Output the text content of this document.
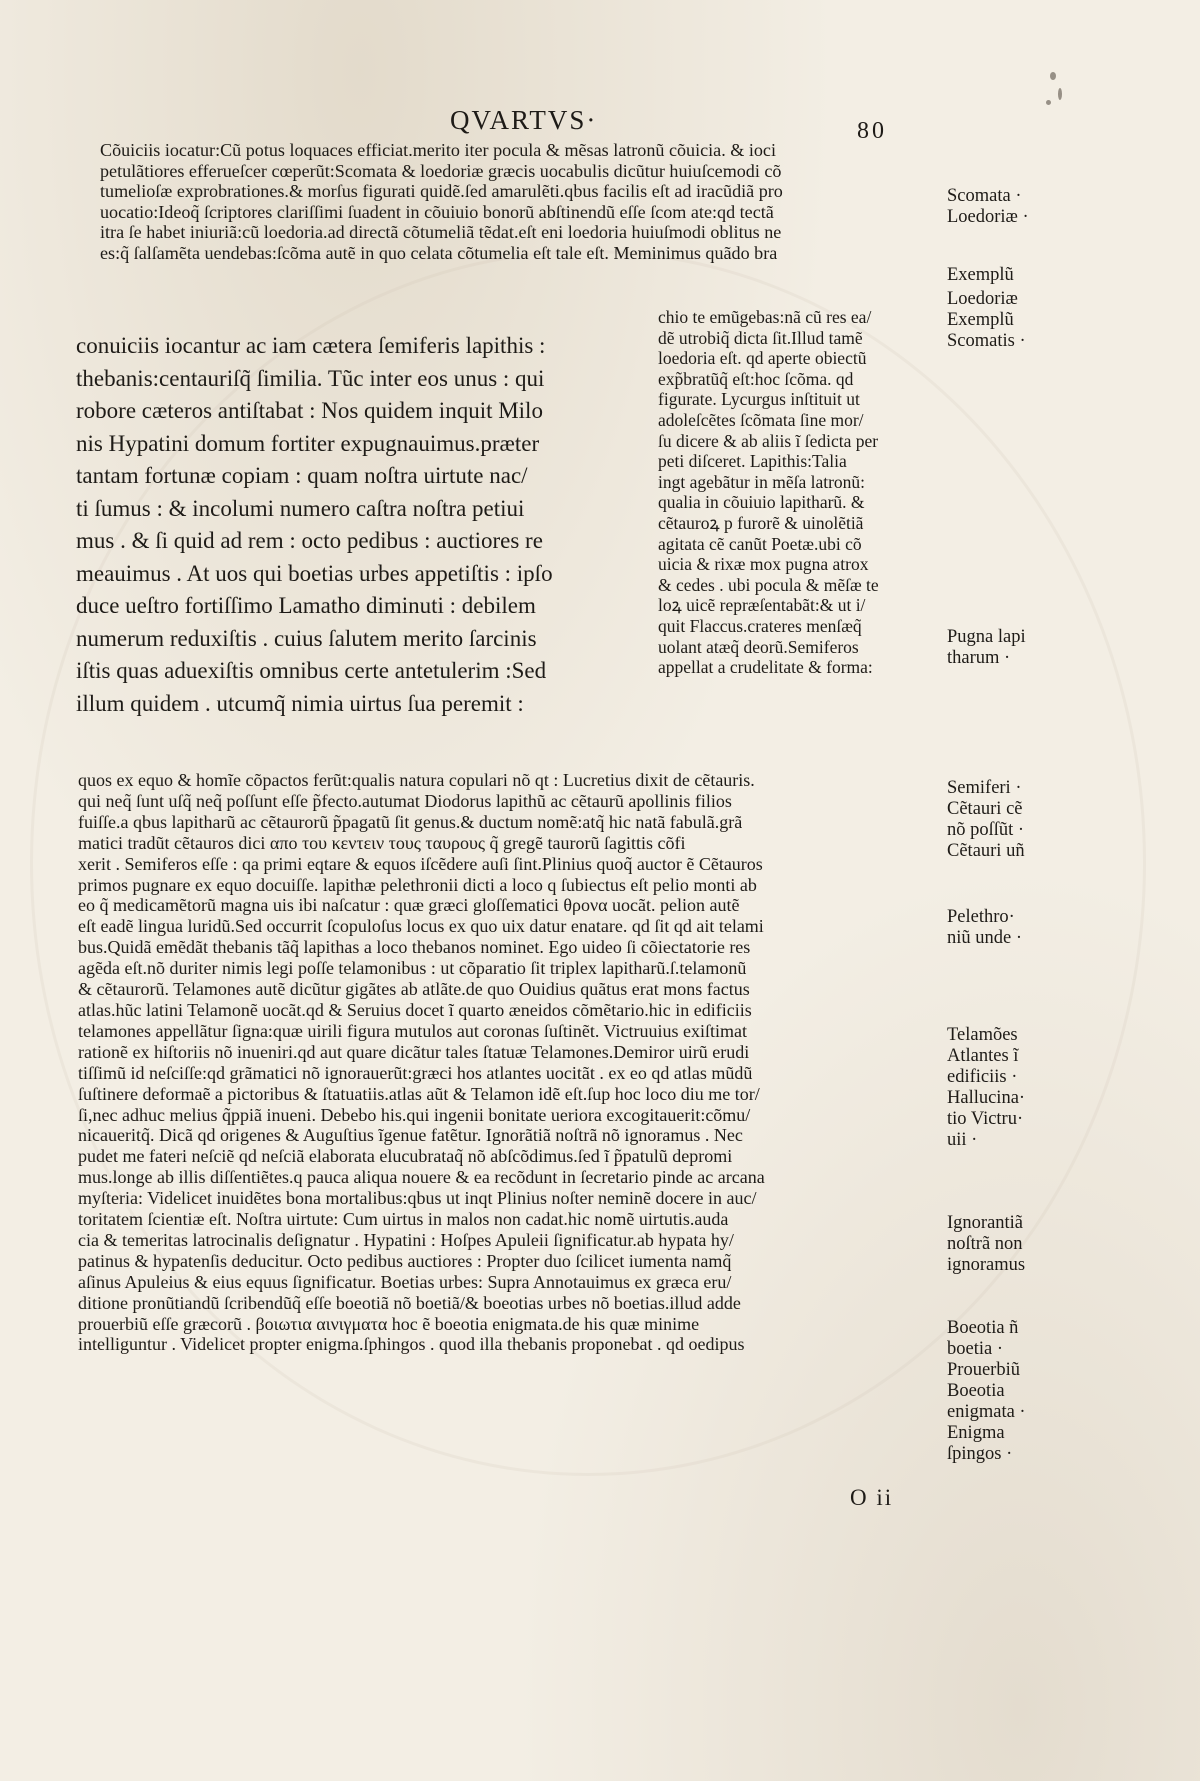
QVARTVS·	80
Cõuiciis iocatur:Cũ potus loquaces efficiat.merito iter pocula & mẽsas latronũ cõuicia. & ioci
petulãtiores efferueſcer cœperũt:Scomata & loedoriæ græcis uocabulis dicũtur huiuſcemodi cõ
tumelioſæ exprobrationes.& morſus figurati quidẽ.ſed amarulẽti.qbus facilis eſt ad iracũdiã pro
uocatio:Ideoq̃ ſcriptores clariſſimi ſuadent in cõuiuio bonorũ abſtinendũ eſſe ſcom ate:qd tectã
itra ſe habet iniuriã:cũ loedoria.ad directã cõtumeliã tẽdat.eſt eni loedoria huiuſmodi oblitus ne
es:q̃ ſalſamẽta uendebas:ſcõma autẽ in quo celata cõtumelia eſt tale eſt. Meminimus quãdo bra
conuiciis iocantur ac iam cætera ſemiferis lapithis :
thebanis:centauriſq̃ ſimilia. Tũc inter eos unus : qui
robore cæteros antiſtabat : Nos quidem inquit Milo
nis Hypatini domum fortiter expugnauimus.præter
tantam fortunæ copiam : quam noſtra uirtute nac/
ti ſumus : & incolumi numero caſtra noſtra petiui
mus . & ſi quid ad rem : octo pedibus : auctiores re
meauimus . At uos qui boetias urbes appetiſtis : ipſo
duce ueſtro fortiſſimo Lamatho diminuti : debilem
numerum reduxiſtis . cuius ſalutem merito ſarcinis
iſtis quas aduexiſtis omnibus certe antetulerim :Sed
illum quidem . utcumq̃ nimia uirtus ſua peremit :
chio te emũgebas:nã cũ res ea/
dẽ utrobiq̃ dicta ſit.Illud tamẽ
loedoria eſt. qd aperte obiectũ
exp̃bratũq̃ eſt:hoc ſcõma. qd
figurate. Lycurgus inſtituit ut
adoleſcẽtes ſcõmata ſine mor/
ſu dicere & ab aliis ĩ ſedicta per
peti diſceret. Lapithis:Talia
ingt agebãtur in mẽſa latronũ:
qualia in cõuiuio lapitharũ. &
cẽtauroꝝ p furorẽ & uinolẽtiã
agitata cẽ canũt Poetæ.ubi cõ
uicia & rixæ mox pugna atrox
& cedes . ubi pocula & mẽſæ te
loꝝ uicẽ repræſentabãt:& ut i/
quit Flaccus.crateres menſæq̃
uolant atæq̃ deorũ.Semiferos
appellat a crudelitate & forma:
quos ex equo & homĩe cõpactos ferũt:qualis natura copulari nõ qt : Lucretius dixit de cẽtauris.
qui neq̃ ſunt uſq̃ neq̃ poſſunt eſſe p̃fecto.autumat Diodorus lapithũ ac cẽtaurũ apollinis filios
fuiſſe.a qbus lapitharũ ac cẽtaurorũ p̃pagatũ ſit genus.& ductum nomẽ:atq̃ hic natã fabulã.grã
matici tradũt cẽtauros dici απο του κεντειν τους ταυρους q̃ gregẽ taurorũ ſagittis cõfi
xerit . Semiferos eſſe : qa primi eqtare & equos iſcẽdere auſi ſint.Plinius quoq̃ auctor ẽ Cẽtauros
primos pugnare ex equo docuiſſe. lapithæ pelethronii dicti a loco q ſubiectus eſt pelio monti ab
eo q̃ medicamẽtorũ magna uis ibi naſcatur : quæ græci gloſſematici θρονα uocãt. pelion autẽ
eſt eadẽ lingua luridũ.Sed occurrit ſcopuloſus locus ex quo uix datur enatare. qd ſit qd ait telami
bus.Quidã emẽdãt thebanis tãq̃ lapithas a loco thebanos nominet. Ego uideo ſi cõiectatorie res
agẽda eſt.nõ duriter nimis legi poſſe telamonibus : ut cõparatio ſit triplex lapitharũ.ſ.telamonũ
& cẽtaurorũ. Telamones autẽ dicũtur gigãtes ab atlãte.de quo Ouidius quãtus erat mons factus
atlas.hũc latini Telamonẽ uocãt.qd & Seruius docet ĩ quarto æneidos cõmẽtario.hic in edificiis
telamones appellãtur ſigna:quæ uirili figura mutulos aut coronas ſuſtinẽt. Victruuius exiſtimat
rationẽ ex hiſtoriis nõ inueniri.qd aut quare dicãtur tales ſtatuæ Telamones.Demiror uirũ erudi
tiſſimũ id neſciſſe:qd grãmatici nõ ignorauerũt:græci hos atlantes uocitãt . ex eo qd atlas mũdũ
ſuſtinere deformaẽ a pictoribus & ſtatuatiis.atlas aũt & Telamon idẽ eſt.ſup hoc loco diu me tor/
ſi,nec adhuc melius q̃ppiã inueni. Debebo his.qui ingenii bonitate ueriora excogitauerit:cõmu/
nicaueritq̃. Dicã qd origenes & Auguſtius ĩgenue fatẽtur. Ignorãtiã noſtrã nõ ignoramus . Nec
pudet me fateri neſciẽ qd neſciã elaborata elucubrataq̃ nõ abſcõdimus.ſed ĩ p̃patulũ depromi
mus.longe ab illis diſſentiẽtes.q pauca aliqua nouere & ea recõdunt in ſecretario pinde ac arcana
myſteria: Videlicet inuidẽtes bona mortalibus:qbus ut inqt Plinius noſter neminẽ docere in auc/
toritatem ſcientiæ eſt. Noſtra uirtute: Cum uirtus in malos non cadat.hic nomẽ uirtutis.auda
cia & temeritas latrocinalis deſignatur . Hypatini : Hoſpes Apuleii ſignificatur.ab hypata hy/
patinus & hypatenſis deducitur. Octo pedibus auctiores : Propter duo ſcilicet iumenta namq̃
aſinus Apuleius & eius equus ſignificatur. Boetias urbes: Supra Annotauimus ex græca eru/
ditione pronũtiandũ ſcribendũq̃ eſſe boeotiã nõ boetiã/& boeotias urbes nõ boetias.illud adde
prouerbiũ eſſe græcorũ . βοιωτια αινιγματα hoc ẽ boeotia enigmata.de his quæ minime
intelliguntur . Videlicet propter enigma.ſphingos . quod illa thebanis proponebat . qd oedipus
Scomata ·
Loedoriæ ·
Exemplũ
Loedoriæ
Exemplũ
Scomatis ·
Pugna lapi
tharum ·
Semiferi ·
Cẽtauri cẽ
nõ poſſũt ·
Cẽtauri uñ
Pelethro·
niũ unde ·
Telamões
Atlantes ĩ
edificiis ·
Hallucina·
tio Victru·
uii ·
Ignorantiã
noſtrã non
ignoramus
Boeotia ñ
boetia ·
Prouerbiũ
Boeotia
enigmata ·
Enigma
ſpingos ·
O ii
